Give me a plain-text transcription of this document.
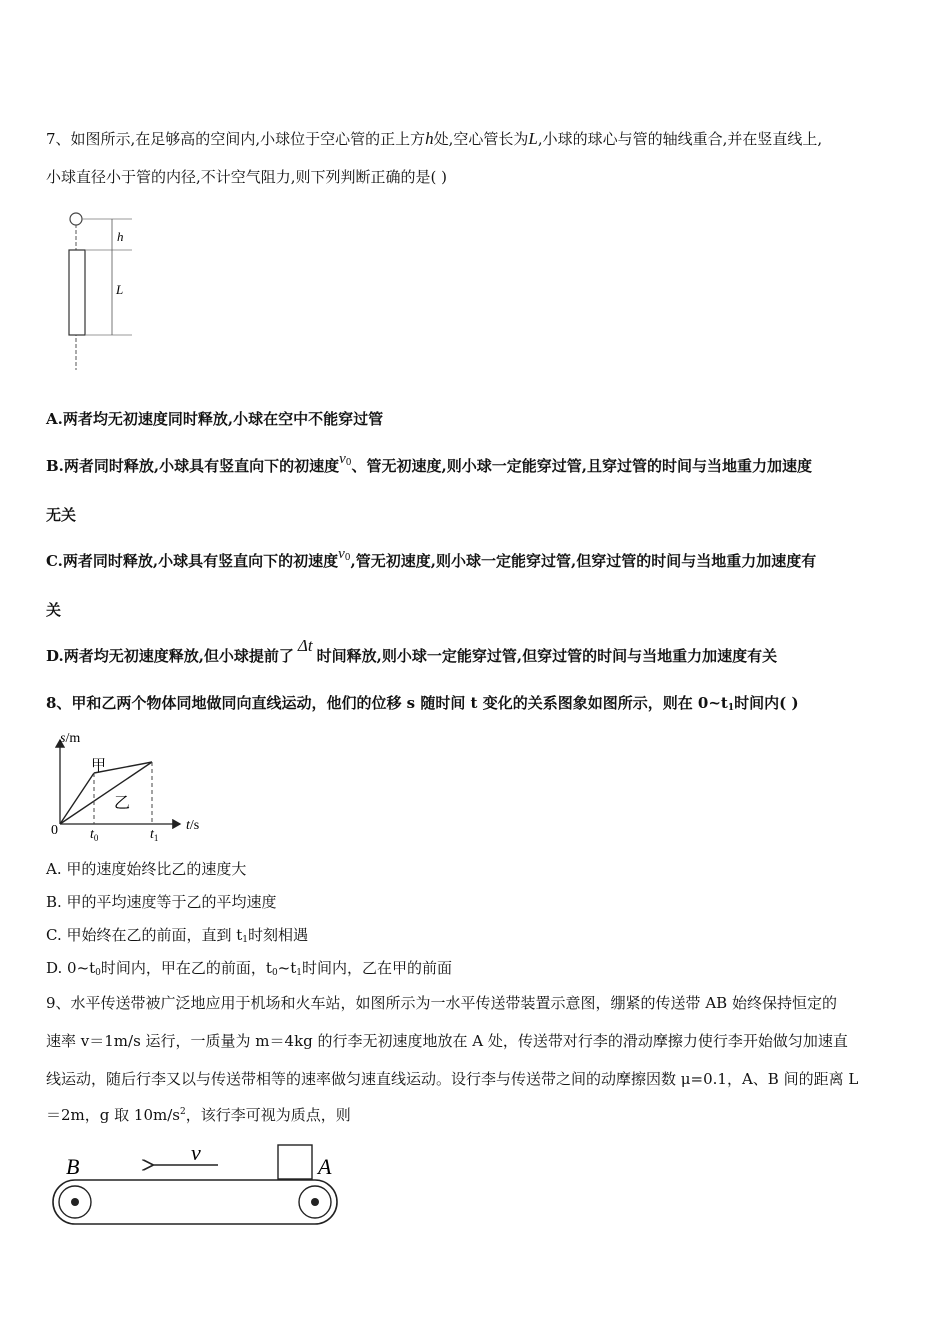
7、如图所示,在足够高的空间内,小球位于空心管的正上方h处,空心管长为L,小球的球心与管的轴线重合,并在竖直线上,
小球直径小于管的内径,不计空气阻力,则下列判断正确的是( )
h
L
A.两者均无初速度同时释放,小球在空中不能穿过管
B.两者同时释放,小球具有竖直向下的初速度$v_0$、管无初速度,则小球一定能穿过管,且穿过管的时间与当地重力加速度
无关
C.两者同时释放,小球具有竖直向下的初速度$v_0$,管无初速度,则小球一定能穿过管,但穿过管的时间与当地重力加速度有
关
D.两者均无初速度释放,但小球提前了Δt时间释放,则小球一定能穿过管,但穿过管的时间与当地重力加速度有关
8、甲和乙两个物体同地做同向直线运动，他们的位移 s 随时间 t 变化的关系图象如图所示，则在 $0\sim t_1$时间内( )
s/m
t/s
0
甲
乙
$t_0$	$t_1$
A. 甲的速度始终比乙的速度大
B. 甲的平均速度等于乙的平均速度
C. 甲始终在乙的前面，直到 $t_1$时刻相遇
D. $0\sim t_0$时间内，甲在乙的前面，$t_0\sim t_1$时间内，乙在甲的前面
9、水平传送带被广泛地应用于机场和火车站，如图所示为一水平传送带装置示意图，绷紧的传送带 AB 始终保持恒定的
速率 v＝1m/s 运行，一质量为 m＝4kg 的行李无初速度地放在 A 处，传送带对行李的滑动摩擦力使行李开始做匀加速直
线运动，随后行李又以与传送带相等的速率做匀速直线运动。设行李与传送带之间的动摩擦因数 μ=0.1，A、B 间的距离 L
＝2m，g 取 $10m/s^2$，该行李可视为质点，则
B	A
v
